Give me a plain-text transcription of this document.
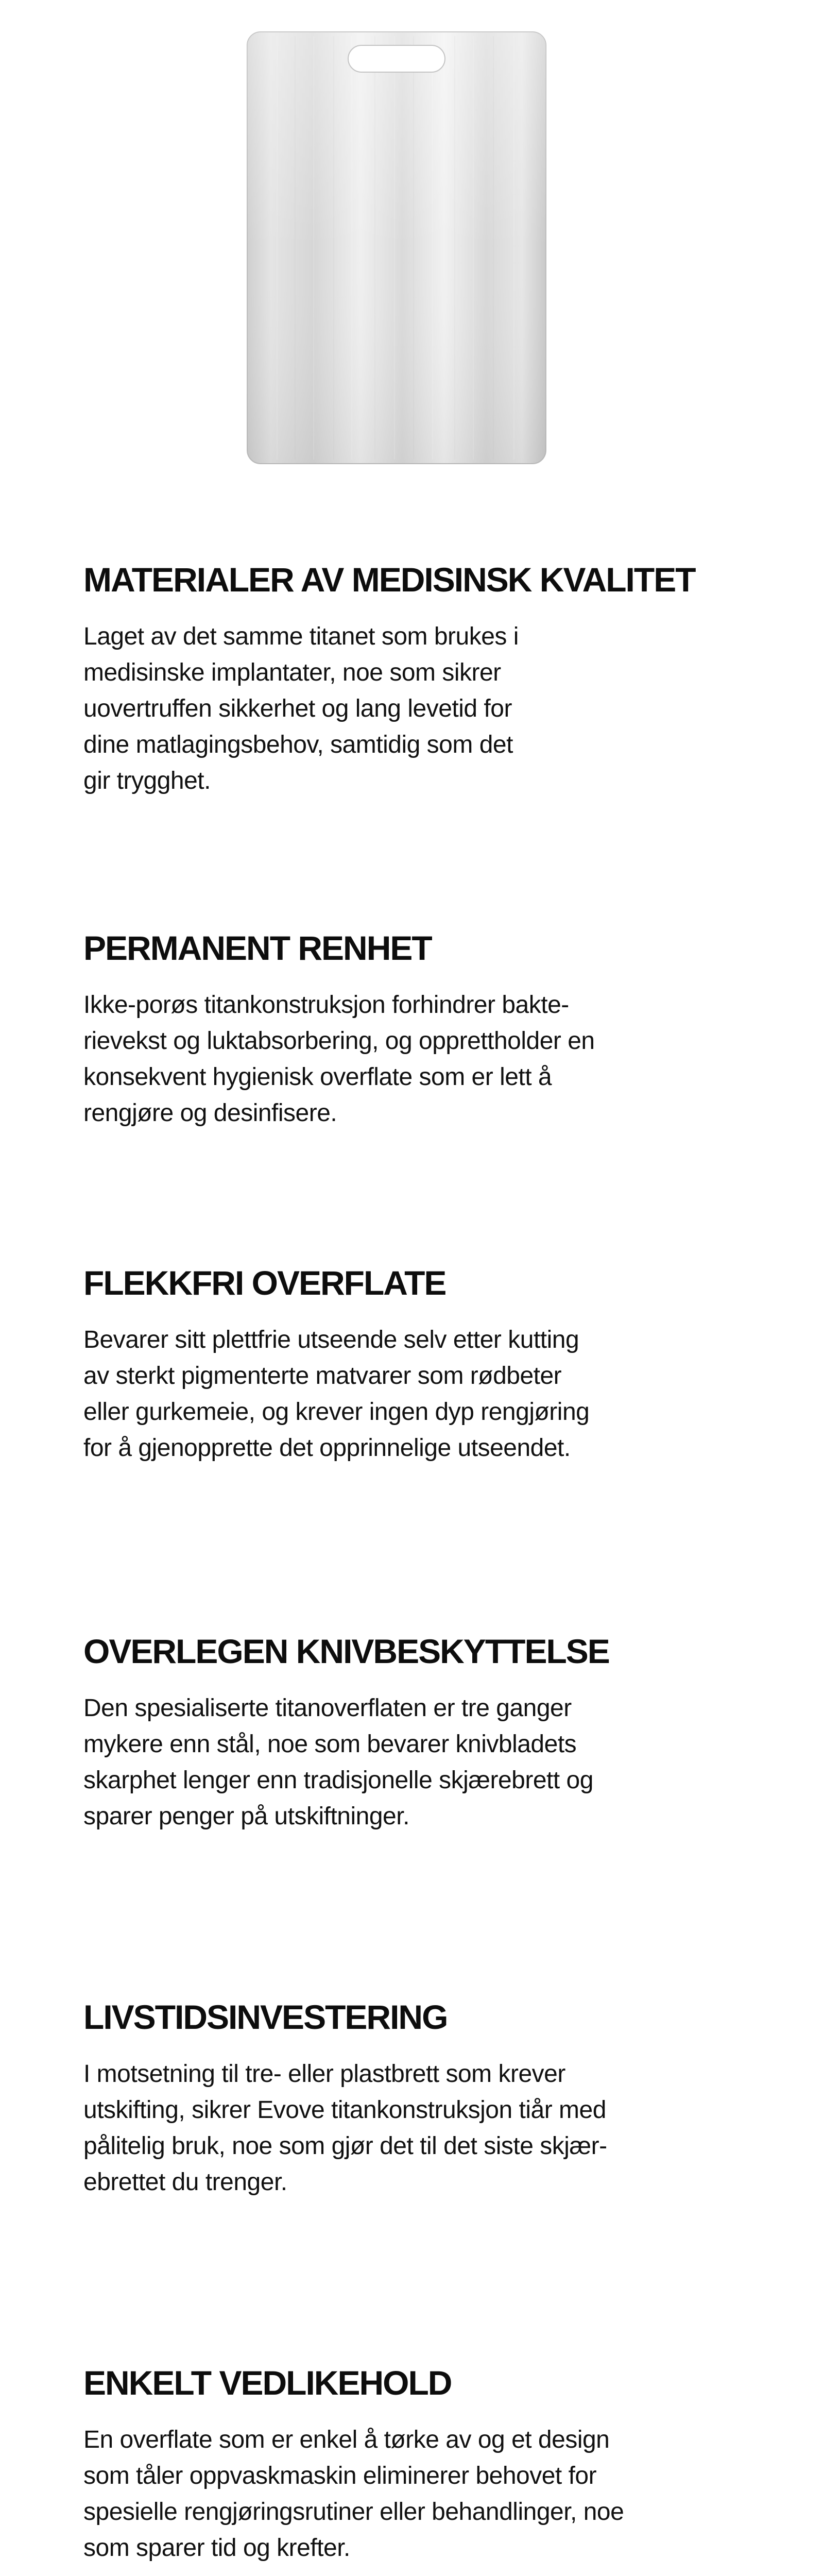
MATERIALER AV MEDISINSK KVALITET

Laget av det samme titanet som brukes i
medisinske implantater, noe som sikrer
uovertruffen sikkerhet og lang levetid for
dine matlagingsbehov, samtidig som det
gir trygghet.

PERMANENT RENHET

Ikke-porøs titankonstruksjon forhindrer bakte-
rievekst og luktabsorbering, og opprettholder en
konsekvent hygienisk overflate som er lett å
rengjøre og desinfisere.

FLEKKFRI OVERFLATE

Bevarer sitt plettfrie utseende selv etter kutting
av sterkt pigmenterte matvarer som rødbeter
eller gurkemeie, og krever ingen dyp rengjøring
for å gjenopprette det opprinnelige utseendet.

OVERLEGEN KNIVBESKYTTELSE

Den spesialiserte titanoverflaten er tre ganger
mykere enn stål, noe som bevarer knivbladets
skarphet lenger enn tradisjonelle skjærebrett og
sparer penger på utskiftninger.

LIVSTIDSINVESTERING

I motsetning til tre- eller plastbrett som krever
utskifting, sikrer Evove titankonstruksjon tiår med
pålitelig bruk, noe som gjør det til det siste skjær-
ebrettet du trenger.

ENKELT VEDLIKEHOLD

En overflate som er enkel å tørke av og et design
som tåler oppvaskmaskin eliminerer behovet for
spesielle rengjøringsrutiner eller behandlinger, noe
som sparer tid og krefter.
